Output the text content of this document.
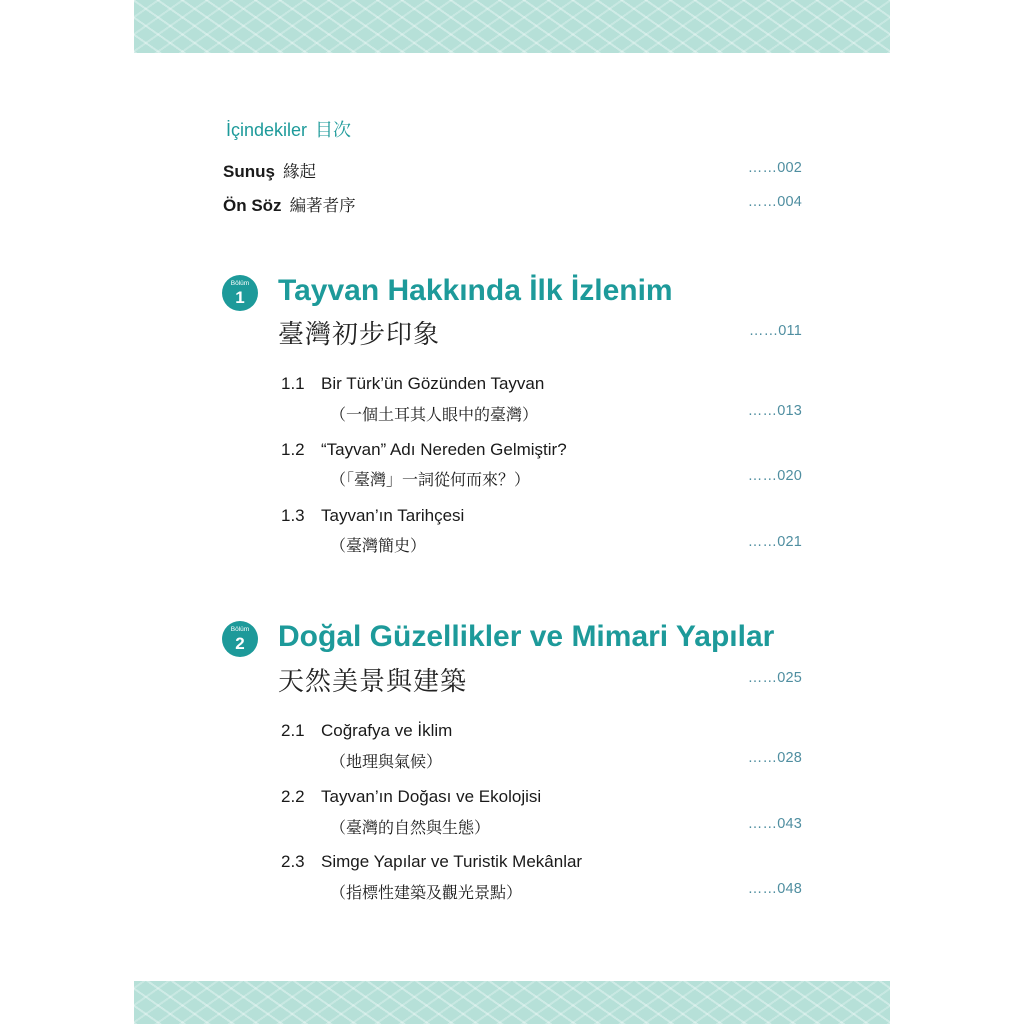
İçindekiler 目次
Sunuş 緣起	……002
Ön Söz 編著者序	……004
Bölüm
1	Tayvan Hakkında İlk İzlenim
臺灣初步印象	……011
1.1 Bir Türk’ün Gözünden Tayvan
（一個土耳其人眼中的臺灣）	……013
1.2 “Tayvan” Adı Nereden Gelmiştir?
（「臺灣」一詞從何而來？）	……020
1.3 Tayvan’ın Tarihçesi
（臺灣簡史）	……021
Bölüm
2	Doğal Güzellikler ve Mimari Yapılar
天然美景與建築	……025
2.1 Coğrafya ve İklim
（地理與氣候）	……028
2.2 Tayvan’ın Doğası ve Ekolojisi
（臺灣的自然與生態）	……043
2.3 Simge Yapılar ve Turistik Mekânlar
（指標性建築及觀光景點）	……048
